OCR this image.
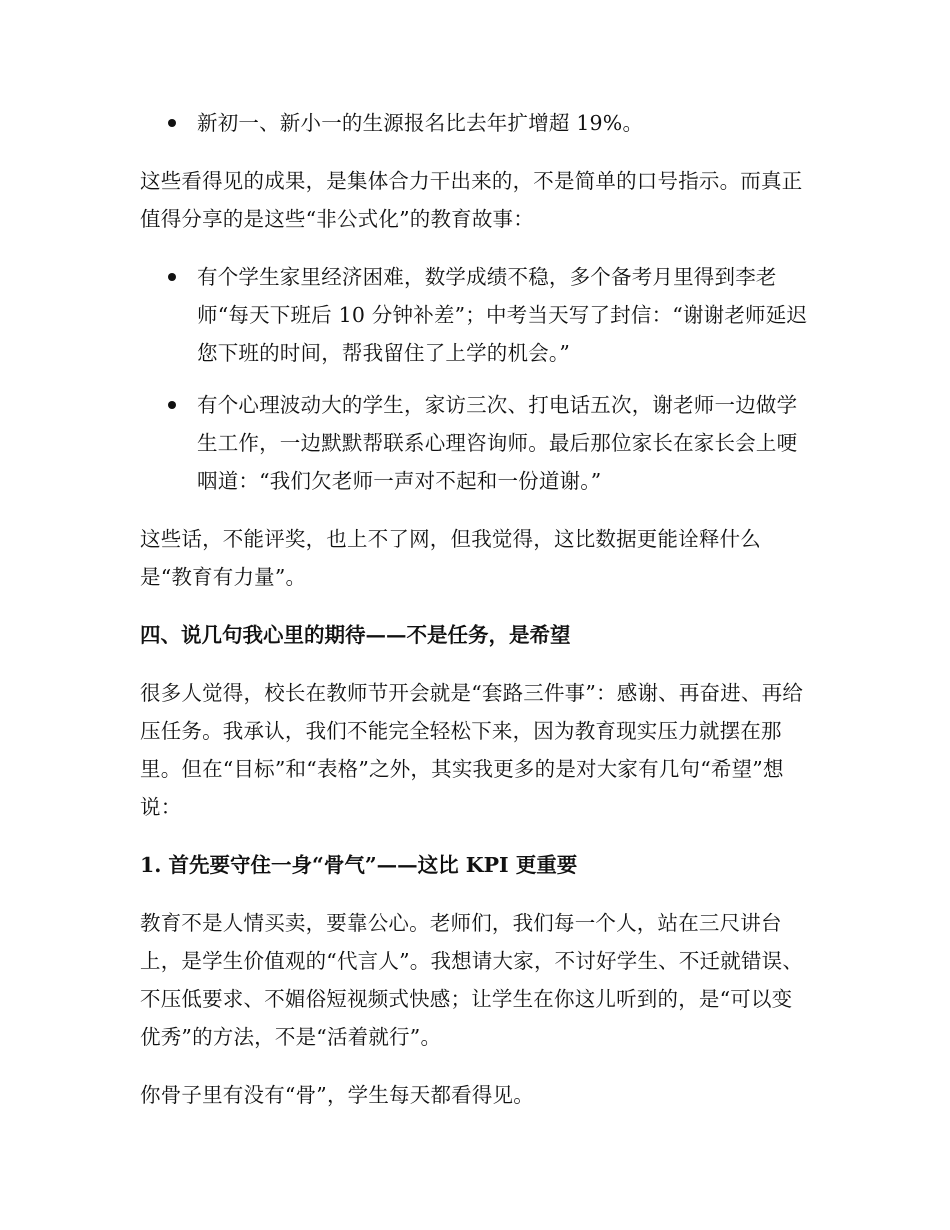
新初一、新小一的生源报名比去年扩增超 19%。

这些看得见的成果，是集体合力干出来的，不是简单的口号指示。而真正值得分享的是这些“非公式化”的教育故事：

有个学生家里经济困难，数学成绩不稳，多个备考月里得到李老师“每天下班后 10 分钟补差”；中考当天写了封信：“谢谢老师延迟您下班的时间，帮我留住了上学的机会。”
有个心理波动大的学生，家访三次、打电话五次，谢老师一边做学生工作，一边默默帮联系心理咨询师。最后那位家长在家长会上哽咽道：“我们欠老师一声对不起和一份道谢。”

这些话，不能评奖，也上不了网，但我觉得，这比数据更能诠释什么是“教育有力量”。

四、说几句我心里的期待——不是任务，是希望

很多人觉得，校长在教师节开会就是“套路三件事”：感谢、再奋进、再给压任务。我承认，我们不能完全轻松下来，因为教育现实压力就摆在那里。但在“目标”和“表格”之外，其实我更多的是对大家有几句“希望”想说：

1. 首先要守住一身“骨气”——这比 KPI 更重要

教育不是人情买卖，要靠公心。老师们，我们每一个人，站在三尺讲台上，是学生价值观的“代言人”。我想请大家，不讨好学生、不迁就错误、不压低要求、不媚俗短视频式快感；让学生在你这儿听到的，是“可以变优秀”的方法，不是“活着就行”。

你骨子里有没有“骨”，学生每天都看得见。
